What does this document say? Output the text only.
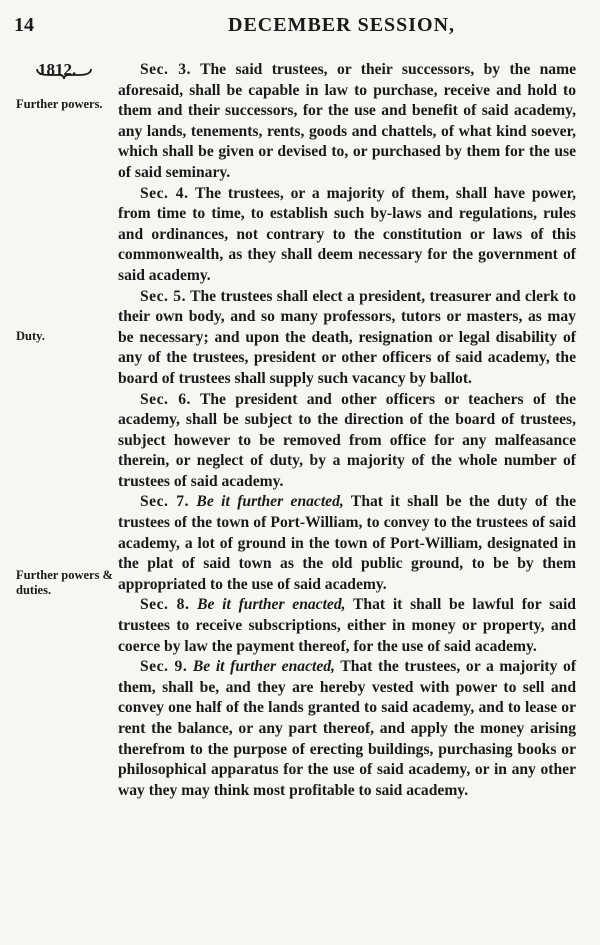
14	DECEMBER SESSION,
1812.
Further powers.
Duty.
Further powers & duties.

Sec. 3. The said trustees, or their successors, by the name aforesaid, shall be capable in law to purchase, receive and hold to them and their successors, for the use and benefit of said academy, any lands, tenements, rents, goods and chattels, of what kind soever, which shall be given or devised to, or purchased by them for the use of said seminary.

Sec. 4. The trustees, or a majority of them, shall have power, from time to time, to establish such by-laws and regulations, rules and ordinances, not contrary to the constitution or laws of this commonwealth, as they shall deem necessary for the government of said academy.

Sec. 5. The trustees shall elect a president, treasurer and clerk to their own body, and so many professors, tutors or masters, as may be necessary; and upon the death, resignation or legal disability of any of the trustees, president or other officers of said academy, the board of trustees shall supply such vacancy by ballot.

Sec. 6. The president and other officers or teachers of the academy, shall be subject to the direction of the board of trustees, subject however to be removed from office for any malfeasance therein, or neglect of duty, by a majority of the whole number of trustees of said academy.

Sec. 7. Be it further enacted, That it shall be the duty of the trustees of the town of Port-William, to convey to the trustees of said academy, a lot of ground in the town of Port-William, designated in the plat of said town as the old public ground, to be by them appropriated to the use of said academy.

Sec. 8. Be it further enacted, That it shall be lawful for said trustees to receive subscriptions, either in money or property, and coerce by law the payment thereof, for the use of said academy.

Sec. 9. Be it further enacted, That the trustees, or a majority of them, shall be, and they are hereby vested with power to sell and convey one half of the lands granted to said academy, and to lease or rent the balance, or any part thereof, and apply the money arising therefrom to the purpose of erecting buildings, purchasing books or philosophical apparatus for the use of said academy, or in any other way they may think most profitable to said academy.
